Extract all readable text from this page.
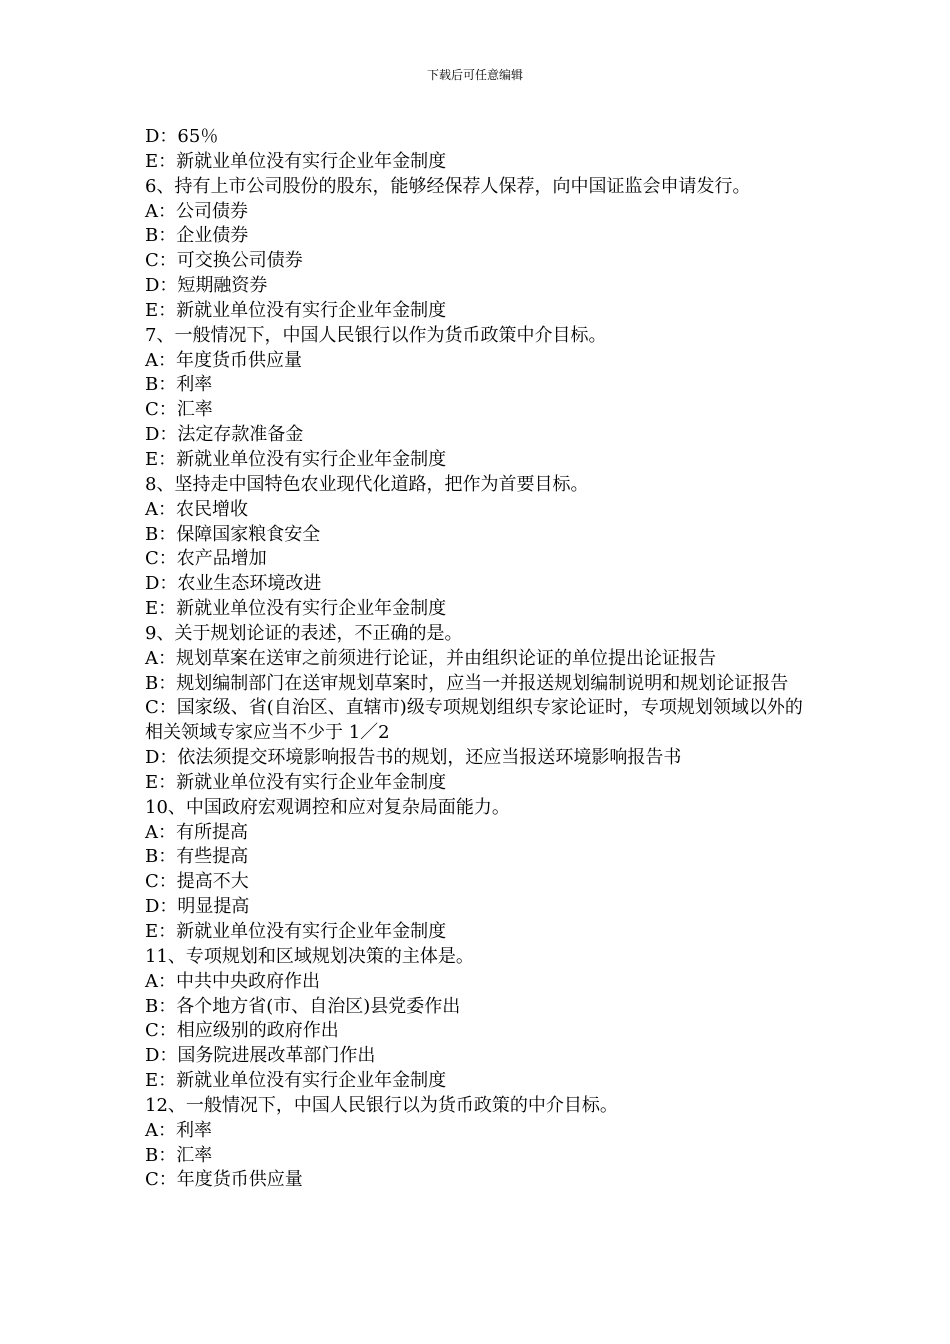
下载后可任意编辑

D：65％

E：新就业单位没有实行企业年金制度

6、持有上市公司股份的股东，能够经保荐人保荐，向中国证监会申请发行。

A：公司债券

B：企业债券

C：可交换公司债券

D：短期融资券

E：新就业单位没有实行企业年金制度

7、一般情况下，中国人民银行以作为货币政策中介目标。

A：年度货币供应量

B：利率

C：汇率

D：法定存款准备金

E：新就业单位没有实行企业年金制度

8、坚持走中国特色农业现代化道路，把作为首要目标。

A：农民增收

B：保障国家粮食安全

C：农产品增加

D：农业生态环境改进

E：新就业单位没有实行企业年金制度

9、关于规划论证的表述，不正确的是。

A：规划草案在送审之前须进行论证，并由组织论证的单位提出论证报告

B：规划编制部门在送审规划草案时，应当一并报送规划编制说明和规划论证报告

C：国家级、省(自治区、直辖市)级专项规划组织专家论证时，专项规划领域以外的相关领域专家应当不少于 1／2

D：依法须提交环境影响报告书的规划，还应当报送环境影响报告书

E：新就业单位没有实行企业年金制度

10、中国政府宏观调控和应对复杂局面能力。

A：有所提高

B：有些提高

C：提高不大

D：明显提高

E：新就业单位没有实行企业年金制度

11、专项规划和区域规划决策的主体是。

A：中共中央政府作出

B：各个地方省(市、自治区)县党委作出

C：相应级别的政府作出

D：国务院进展改革部门作出

E：新就业单位没有实行企业年金制度

12、一般情况下，中国人民银行以为货币政策的中介目标。

A：利率

B：汇率

C：年度货币供应量
